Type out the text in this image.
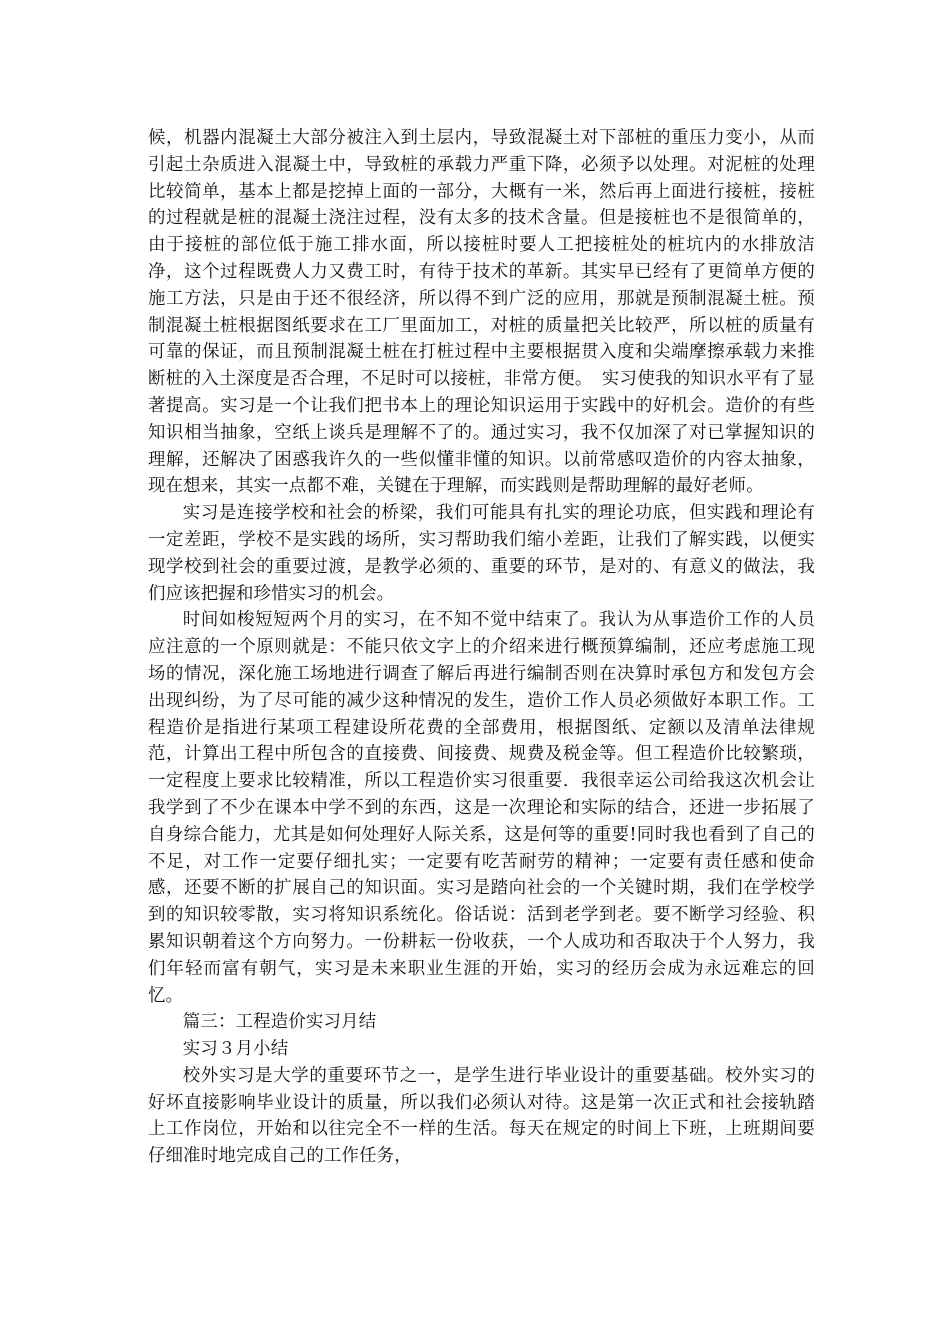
候，机器内混凝土大部分被注入到土层内，导致混凝土对下部桩的重压力变小，从而引起土杂质进入混凝土中，导致桩的承载力严重下降，必须予以处理。对泥桩的处理比较简单，基本上都是挖掉上面的一部分，大概有一米，然后再上面进行接桩，接桩的过程就是桩的混凝土浇注过程，没有太多的技术含量。但是接桩也不是很简单的，由于接桩的部位低于施工排水面，所以接桩时要人工把接桩处的桩坑内的水排放洁净，这个过程既费人力又费工时，有待于技术的革新。其实早已经有了更简单方便的施工方法，只是由于还不很经济，所以得不到广泛的应用，那就是预制混凝土桩。预制混凝土桩根据图纸要求在工厂里面加工，对桩的质量把关比较严，所以桩的质量有可靠的保证，而且预制混凝土桩在打桩过程中主要根据贯入度和尖端摩擦承载力来推断桩的入土深度是否合理，不足时可以接桩，非常方便。　实习使我的知识水平有了显著提高。实习是一个让我们把书本上的理论知识运用于实践中的好机会。造价的有些知识相当抽象，空纸上谈兵是理解不了的。通过实习，我不仅加深了对已掌握知识的理解，还解决了困惑我许久的一些似懂非懂的知识。以前常感叹造价的内容太抽象，现在想来，其实一点都不难，关键在于理解，而实践则是帮助理解的最好老师。

实习是连接学校和社会的桥梁，我们可能具有扎实的理论功底，但实践和理论有一定差距，学校不是实践的场所，实习帮助我们缩小差距，让我们了解实践，以便实现学校到社会的重要过渡，是教学必须的、重要的环节，是对的、有意义的做法，我们应该把握和珍惜实习的机会。

时间如梭短短两个月的实习，在不知不觉中结束了。我认为从事造价工作的人员应注意的一个原则就是：不能只依文字上的介绍来进行概预算编制，还应考虑施工现场的情况，深化施工场地进行调查了解后再进行编制否则在决算时承包方和发包方会出现纠纷，为了尽可能的减少这种情况的发生，造价工作人员必须做好本职工作。工程造价是指进行某项工程建设所花费的全部费用，根据图纸、定额以及清单法律规范，计算出工程中所包含的直接费、间接费、规费及税金等。但工程造价比较繁琐，一定程度上要求比较精准，所以工程造价实习很重要．我很幸运公司给我这次机会让我学到了不少在课本中学不到的东西，这是一次理论和实际的结合，还进一步拓展了自身综合能力，尤其是如何处理好人际关系，这是何等的重要!同时我也看到了自己的不足，对工作一定要仔细扎实；一定要有吃苦耐劳的精神；一定要有责任感和使命感，还要不断的扩展自己的知识面。实习是踏向社会的一个关键时期，我们在学校学到的知识较零散，实习将知识系统化。俗话说：活到老学到老。要不断学习经验、积累知识朝着这个方向努力。一份耕耘一份收获，一个人成功和否取决于个人努力，我们年轻而富有朝气，实习是未来职业生涯的开始，实习的经历会成为永远难忘的回忆。

篇三：工程造价实习月结

实习３月小结

校外实习是大学的重要环节之一，是学生进行毕业设计的重要基础。校外实习的好坏直接影响毕业设计的质量，所以我们必须认对待。这是第一次正式和社会接轨踏上工作岗位，开始和以往完全不一样的生活。每天在规定的时间上下班，上班期间要仔细准时地完成自己的工作任务，
